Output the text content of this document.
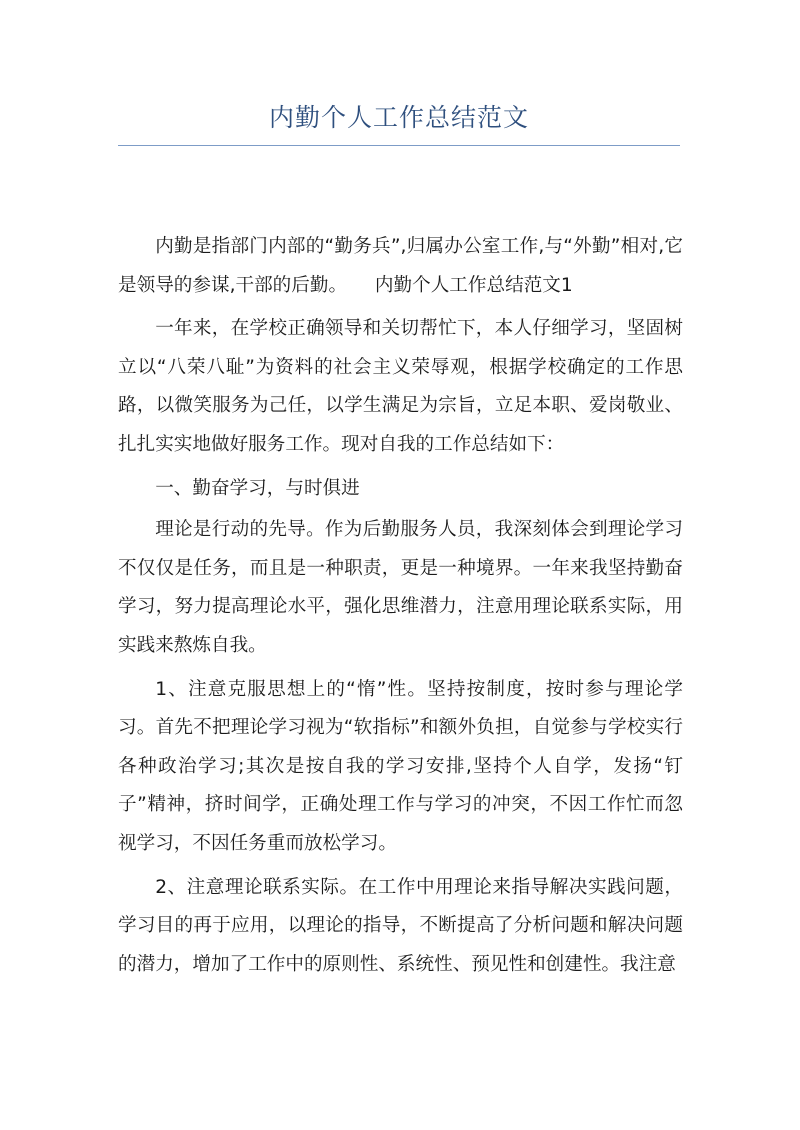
内勤个人工作总结范文

内勤是指部门内部的“勤务兵”,归属办公室工作,与“外勤”相对,它是领导的参谋,干部的后勤。　　内勤个人工作总结范文1

一年来，在学校正确领导和关切帮忙下，本人仔细学习，坚固树立以“八荣八耻”为资料的社会主义荣辱观，根据学校确定的工作思路，以微笑服务为己任，以学生满足为宗旨，立足本职、爱岗敬业、扎扎实实地做好服务工作。现对自我的工作总结如下：

一、勤奋学习，与时俱进

理论是行动的先导。作为后勤服务人员，我深刻体会到理论学习不仅仅是任务，而且是一种职责，更是一种境界。一年来我坚持勤奋学习，努力提高理论水平，强化思维潜力，注意用理论联系实际，用实践来熬炼自我。

1、注意克服思想上的“惰”性。坚持按制度，按时参与理论学习。首先不把理论学习视为“软指标”和额外负担，自觉参与学校实行各种政治学习;其次是按自我的学习安排,坚持个人自学，发扬“钉子”精神，挤时间学，正确处理工作与学习的冲突，不因工作忙而忽视学习，不因任务重而放松学习。

2、注意理论联系实际。在工作中用理论来指导解决实践问题，学习目的再于应用，以理论的指导，不断提高了分析问题和解决问题的潜力，增加了工作中的原则性、系统性、预见性和创建性。我注意
